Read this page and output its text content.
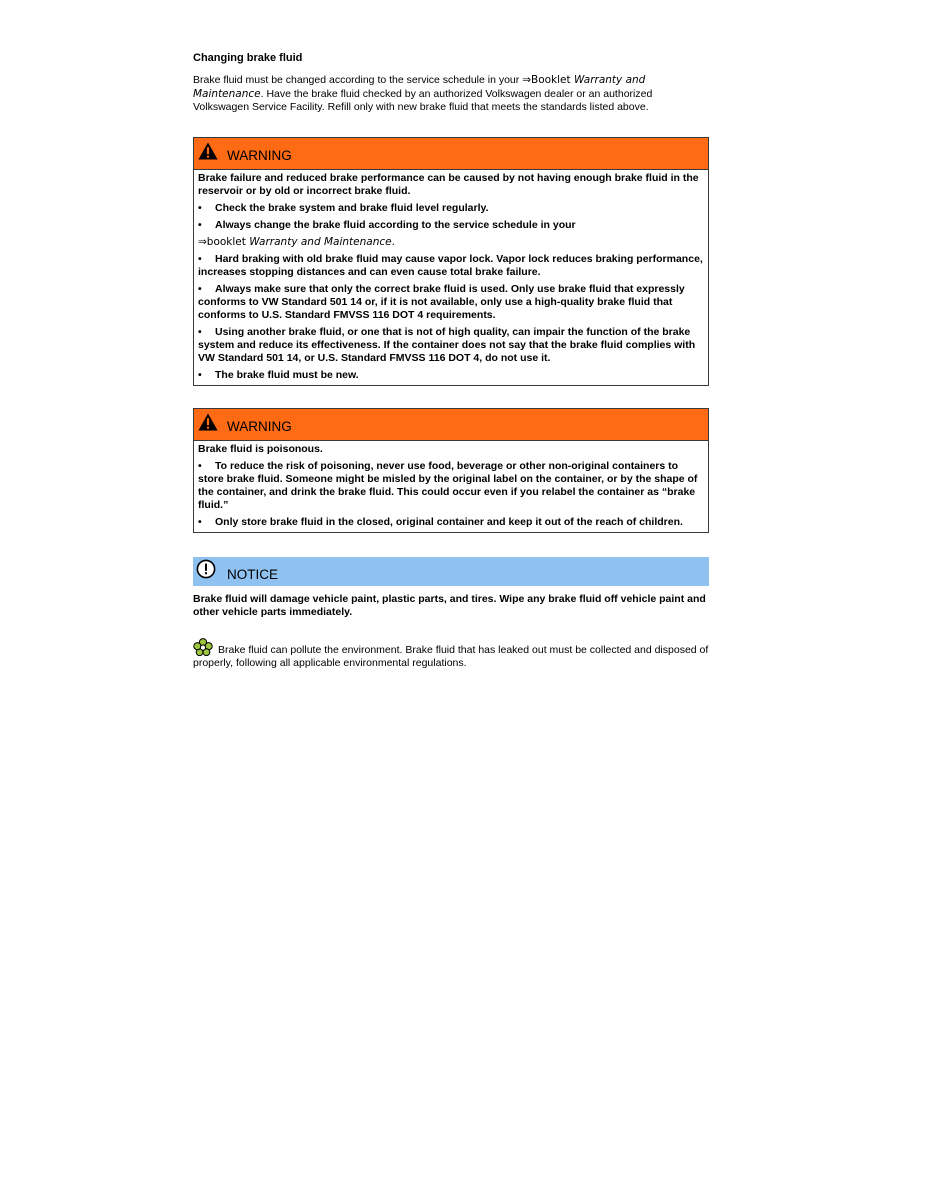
Changing brake fluid

Brake fluid must be changed according to the service schedule in your ⇒Booklet Warranty and Maintenance. Have the brake fluid checked by an authorized Volkswagen dealer or an authorized Volkswagen Service Facility. Refill only with new brake fluid that meets the standards listed above.

WARNING

Brake failure and reduced brake performance can be caused by not having enough brake fluid in the reservoir or by old or incorrect brake fluid.

• Check the brake system and brake fluid level regularly.

• Always change the brake fluid according to the service schedule in your

⇒booklet Warranty and Maintenance.

• Hard braking with old brake fluid may cause vapor lock. Vapor lock reduces braking performance, increases stopping distances and can even cause total brake failure.

• Always make sure that only the correct brake fluid is used. Only use brake fluid that expressly conforms to VW Standard 501 14 or, if it is not available, only use a high-quality brake fluid that conforms to U.S. Standard FMVSS 116 DOT 4 requirements.

• Using another brake fluid, or one that is not of high quality, can impair the function of the brake system and reduce its effectiveness. If the container does not say that the brake fluid complies with VW Standard 501 14, or U.S. Standard FMVSS 116 DOT 4, do not use it.

• The brake fluid must be new.

WARNING

Brake fluid is poisonous.

• To reduce the risk of poisoning, never use food, beverage or other non-original containers to store brake fluid. Someone might be misled by the original label on the container, or by the shape of the container, and drink the brake fluid. This could occur even if you relabel the container as “brake fluid.”

• Only store brake fluid in the closed, original container and keep it out of the reach of children.

NOTICE

Brake fluid will damage vehicle paint, plastic parts, and tires. Wipe any brake fluid off vehicle paint and other vehicle parts immediately.

Brake fluid can pollute the environment. Brake fluid that has leaked out must be collected and disposed of properly, following all applicable environmental regulations.
